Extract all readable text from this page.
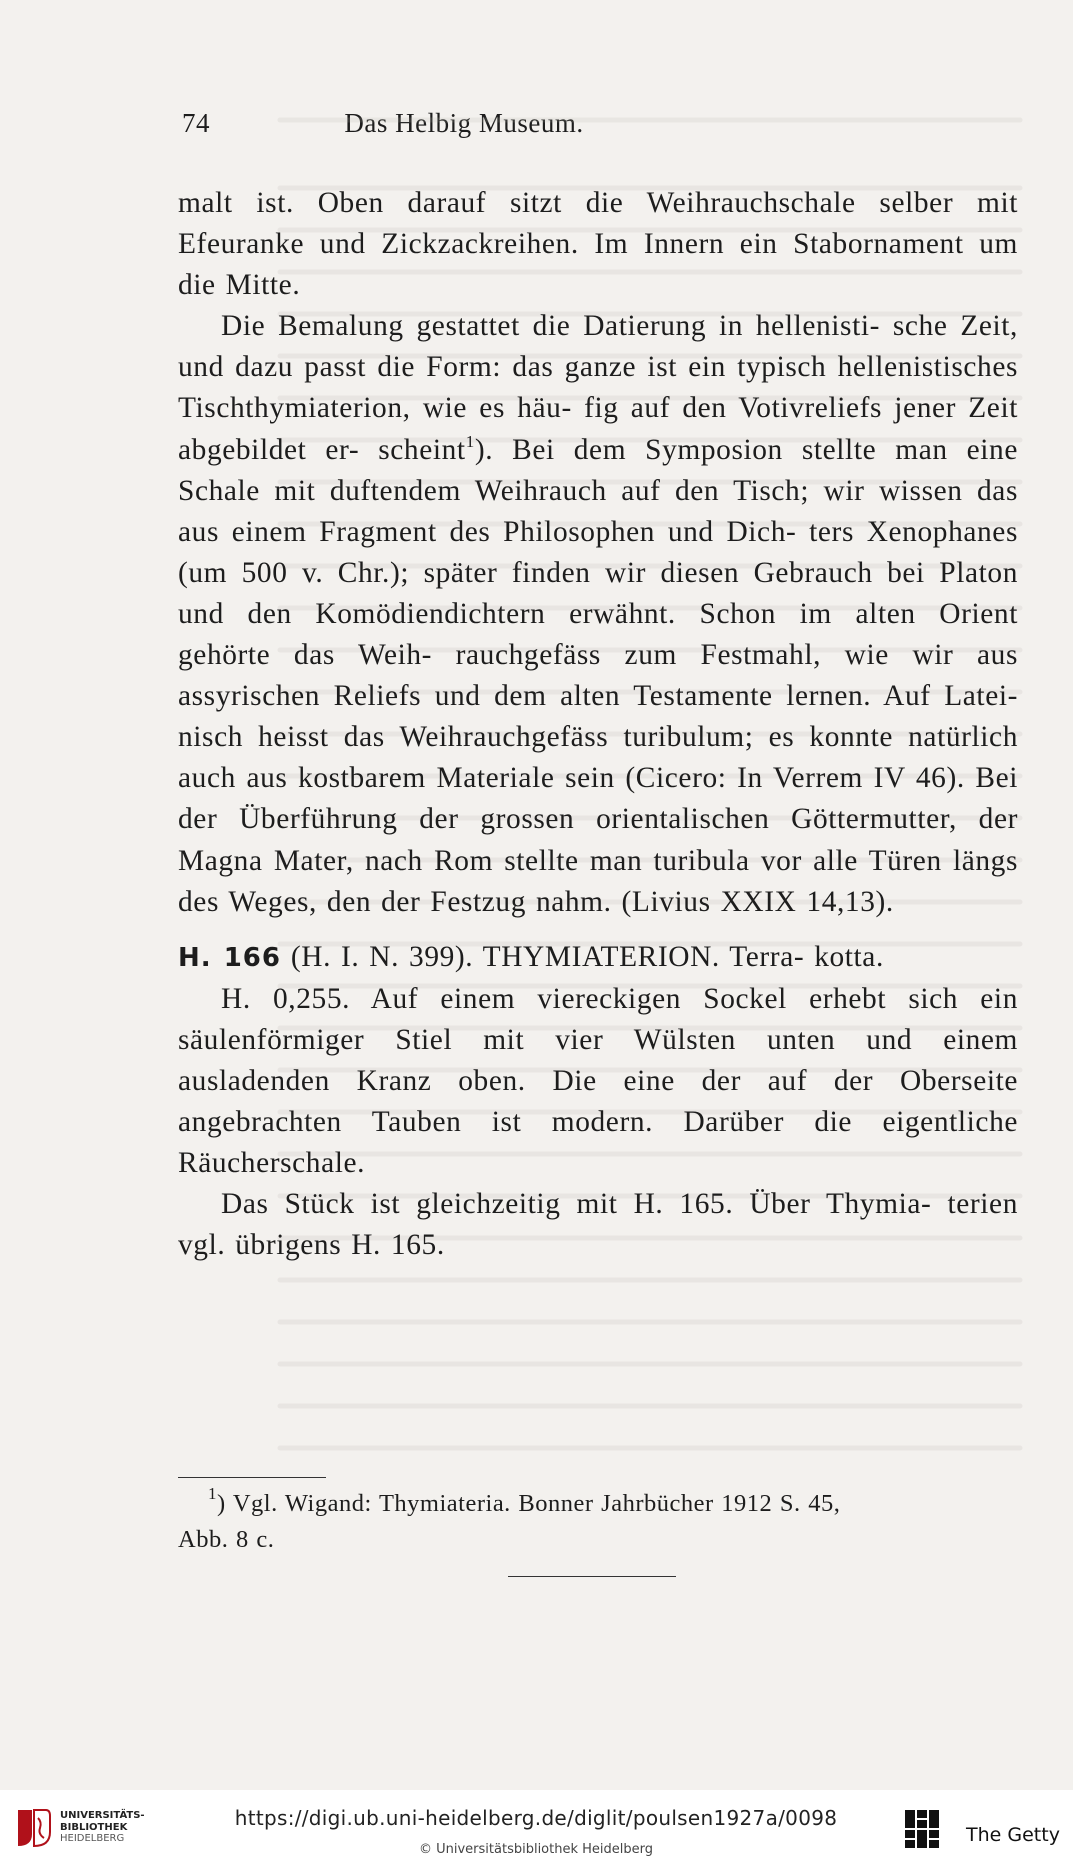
74	Das Helbig Museum.

malt ist. Oben darauf sitzt die Weihrauchschale selber mit Efeuranke und Zickzackreihen. Im Innern ein Stabornament um die Mitte.

Die Bemalung gestattet die Datierung in hellenisti- sche Zeit, und dazu passt die Form: das ganze ist ein typisch hellenistisches Tischthymiaterion, wie es häu- fig auf den Votivreliefs jener Zeit abgebildet er- scheint$^1$). Bei dem Symposion stellte man eine Schale mit duftendem Weihrauch auf den Tisch; wir wissen das aus einem Fragment des Philosophen und Dich- ters Xenophanes (um 500 v. Chr.); später finden wir diesen Gebrauch bei Platon und den Komödiendichtern erwähnt. Schon im alten Orient gehörte das Weih- rauchgefäss zum Festmahl, wie wir aus assyrischen Reliefs und dem alten Testamente lernen. Auf Latei- nisch heisst das Weihrauchgefäss turibulum; es konnte natürlich auch aus kostbarem Materiale sein (Cicero: In Verrem IV 46). Bei der Überführung der grossen orientalischen Göttermutter, der Magna Mater, nach Rom stellte man turibula vor alle Türen längs des Weges, den der Festzug nahm. (Livius XXIX 14,13).

H. 166 (H. I. N. 399). THYMIATERION. Terra- kotta.

H. 0,255. Auf einem viereckigen Sockel erhebt sich ein säulenförmiger Stiel mit vier Wülsten unten und einem ausladenden Kranz oben. Die eine der auf der Oberseite angebrachten Tauben ist modern. Darüber die eigentliche Räucherschale.

Das Stück ist gleichzeitig mit H. 165. Über Thymia- terien vgl. übrigens H. 165.

$^1$) Vgl. Wigand: Thymiateria. Bonner Jahrbücher 1912 S. 45,

Abb. 8 c.

UNIVERSITÄTS-
BIBLIOTHEK
HEIDELBERG
https://digi.ub.uni-heidelberg.de/diglit/poulsen1927a/0098
© Universitätsbibliothek Heidelberg
The Getty
